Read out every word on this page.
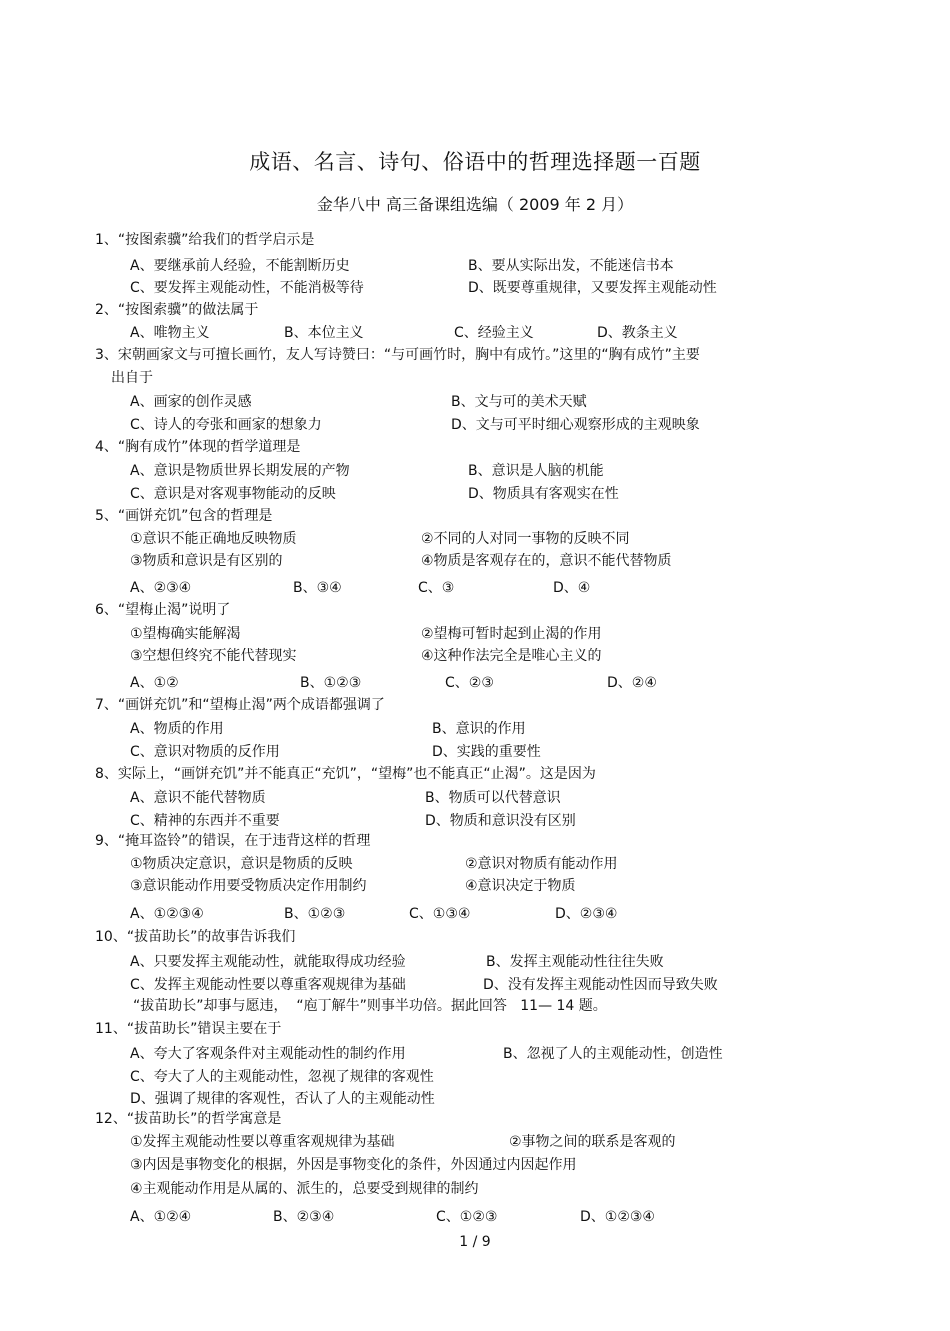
成语、名言、诗句、俗语中的哲理选择题一百题
金华八中 高三备课组选编（ 2009 年 2 月）
1、“按图索骥”给我们的哲学启示是
A、要继承前人经验，不能割断历史	B、要从实际出发，不能迷信书本
C、要发挥主观能动性，不能消极等待	D、既要尊重规律，又要发挥主观能动性
2、“按图索骥”的做法属于
A、唯物主义	B、本位主义	C、经验主义	D、教条主义
3、宋朝画家文与可擅长画竹，友人写诗赞曰：“与可画竹时，胸中有成竹。”这里的“胸有成竹”主要
出自于
A、画家的创作灵感	B、文与可的美术天赋
C、诗人的夸张和画家的想象力	D、文与可平时细心观察形成的主观映象
4、“胸有成竹”体现的哲学道理是
A、意识是物质世界长期发展的产物	B、意识是人脑的机能
C、意识是对客观事物能动的反映	D、物质具有客观实在性
5、“画饼充饥”包含的哲理是
①意识不能正确地反映物质	②不同的人对同一事物的反映不同
③物质和意识是有区别的	④物质是客观存在的，意识不能代替物质
A、②③④	B、③④	C、③	D、④
6、“望梅止渴”说明了
①望梅确实能解渴	②望梅可暂时起到止渴的作用
③空想但终究不能代替现实	④这种作法完全是唯心主义的
A、①②	B、①②③	C、②③	D、②④
7、“画饼充饥”和“望梅止渴”两个成语都强调了
A、物质的作用	B、意识的作用
C、意识对物质的反作用	D、实践的重要性
8、实际上，“画饼充饥”并不能真正“充饥”，“望梅”也不能真正“止渴”。这是因为
A、意识不能代替物质	B、物质可以代替意识
C、精神的东西并不重要	D、物质和意识没有区别
9、“掩耳盗铃”的错误，在于违背这样的哲理
①物质决定意识，意识是物质的反映	②意识对物质有能动作用
③意识能动作用要受物质决定作用制约	④意识决定于物质
A、①②③④	B、①②③	C、①③④	D、②③④
10、“拔苗助长”的故事告诉我们
A、只要发挥主观能动性，就能取得成功经验	B、发挥主观能动性往往失败
C、发挥主观能动性要以尊重客观规律为基础	D、没有发挥主观能动性因而导致失败
“拔苗助长”却事与愿违，  “庖丁解牛”则事半功倍。据此回答   11— 14 题。
11、“拔苗助长”错误主要在于
A、夸大了客观条件对主观能动性的制约作用	B、忽视了人的主观能动性，创造性
C、夸大了人的主观能动性，忽视了规律的客观性
D、强调了规律的客观性，否认了人的主观能动性
12、“拔苗助长”的哲学寓意是
①发挥主观能动性要以尊重客观规律为基础	②事物之间的联系是客观的
③内因是事物变化的根据，外因是事物变化的条件，外因通过内因起作用
④主观能动作用是从属的、派生的，总要受到规律的制约
A、①②④	B、②③④	C、①②③	D、①②③④
1 / 9
